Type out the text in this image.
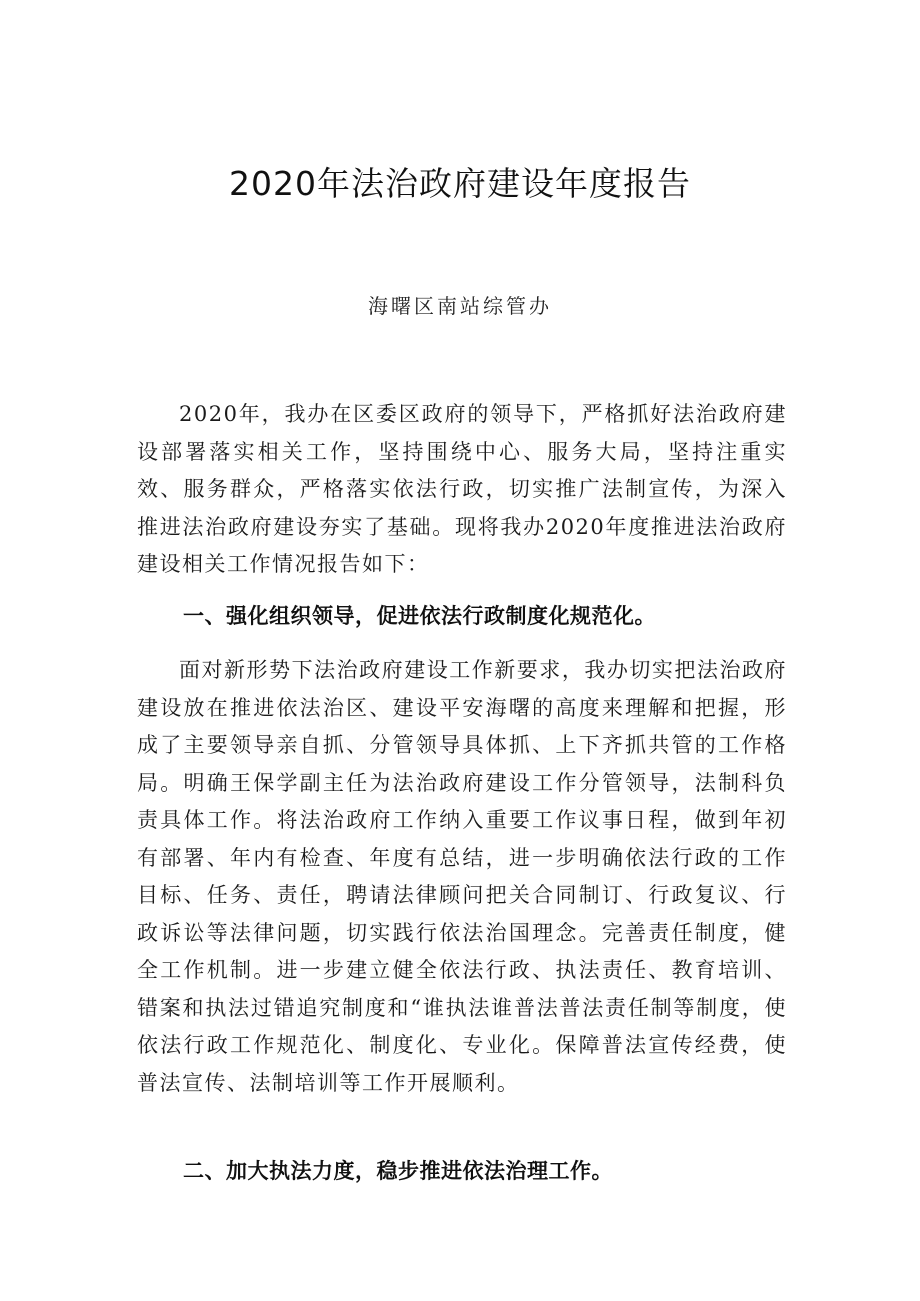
2020年法治政府建设年度报告

海曙区南站综管办

2020年，我办在区委区政府的领导下，严格抓好法治政府建设部署落实相关工作，坚持围绕中心、服务大局，坚持注重实效、服务群众，严格落实依法行政，切实推广法制宣传，为深入推进法治政府建设夯实了基础。现将我办2020年度推进法治政府建设相关工作情况报告如下：

一、强化组织领导，促进依法行政制度化规范化。

面对新形势下法治政府建设工作新要求，我办切实把法治政府建设放在推进依法治区、建设平安海曙的高度来理解和把握，形成了主要领导亲自抓、分管领导具体抓、上下齐抓共管的工作格局。明确王保学副主任为法治政府建设工作分管领导，法制科负责具体工作。将法治政府工作纳入重要工作议事日程，做到年初有部署、年内有检查、年度有总结，进一步明确依法行政的工作目标、任务、责任，聘请法律顾问把关合同制订、行政复议、行政诉讼等法律问题，切实践行依法治国理念。完善责任制度，健全工作机制。进一步建立健全依法行政、执法责任、教育培训、错案和执法过错追究制度和“谁执法谁普法普法责任制等制度，使依法行政工作规范化、制度化、专业化。保障普法宣传经费，使普法宣传、法制培训等工作开展顺利。

二、加大执法力度，稳步推进依法治理工作。
